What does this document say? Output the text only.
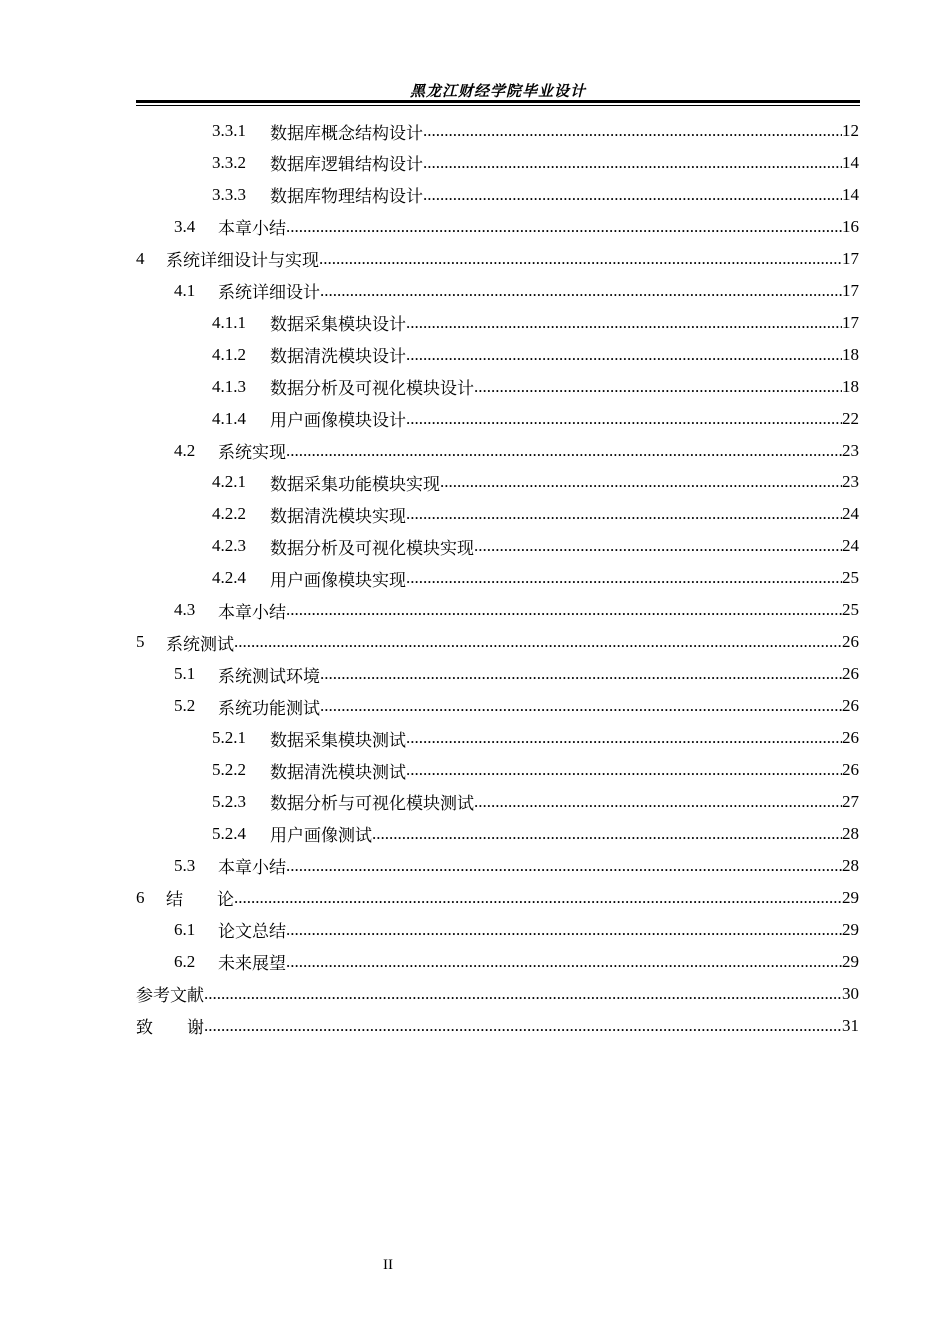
黑龙江财经学院毕业设计
3.3.1	数据库概念结构设计 .....	12
3.3.2	数据库逻辑结构设计 .....	14
3.3.3	数据库物理结构设计 .....	14
3.4	本章小结 .....	16
4	系统详细设计与实现 .....	17
4.1	系统详细设计 .....	17
4.1.1	数据采集模块设计 .....	17
4.1.2	数据清洗模块设计 .....	18
4.1.3	数据分析及可视化模块设计 .....	18
4.1.4	用户画像模块设计 .....	22
4.2	系统实现 .....	23
4.2.1	数据采集功能模块实现 .....	23
4.2.2	数据清洗模块实现 .....	24
4.2.3	数据分析及可视化模块实现 .....	24
4.2.4	用户画像模块实现 .....	25
4.3	本章小结 .....	25
5	系统测试 .....	26
5.1	系统测试环境 .....	26
5.2	系统功能测试 .....	26
5.2.1	数据采集模块测试 .....	26
5.2.2	数据清洗模块测试 .....	26
5.2.3	数据分析与可视化模块测试 .....	27
5.2.4	用户画像测试 .....	28
5.3	本章小结 .....	28
6	结　　论 .....	29
6.1	论文总结 .....	29
6.2	未来展望 .....	29
参考文献 .....	30
致　　谢 .....	31
II
